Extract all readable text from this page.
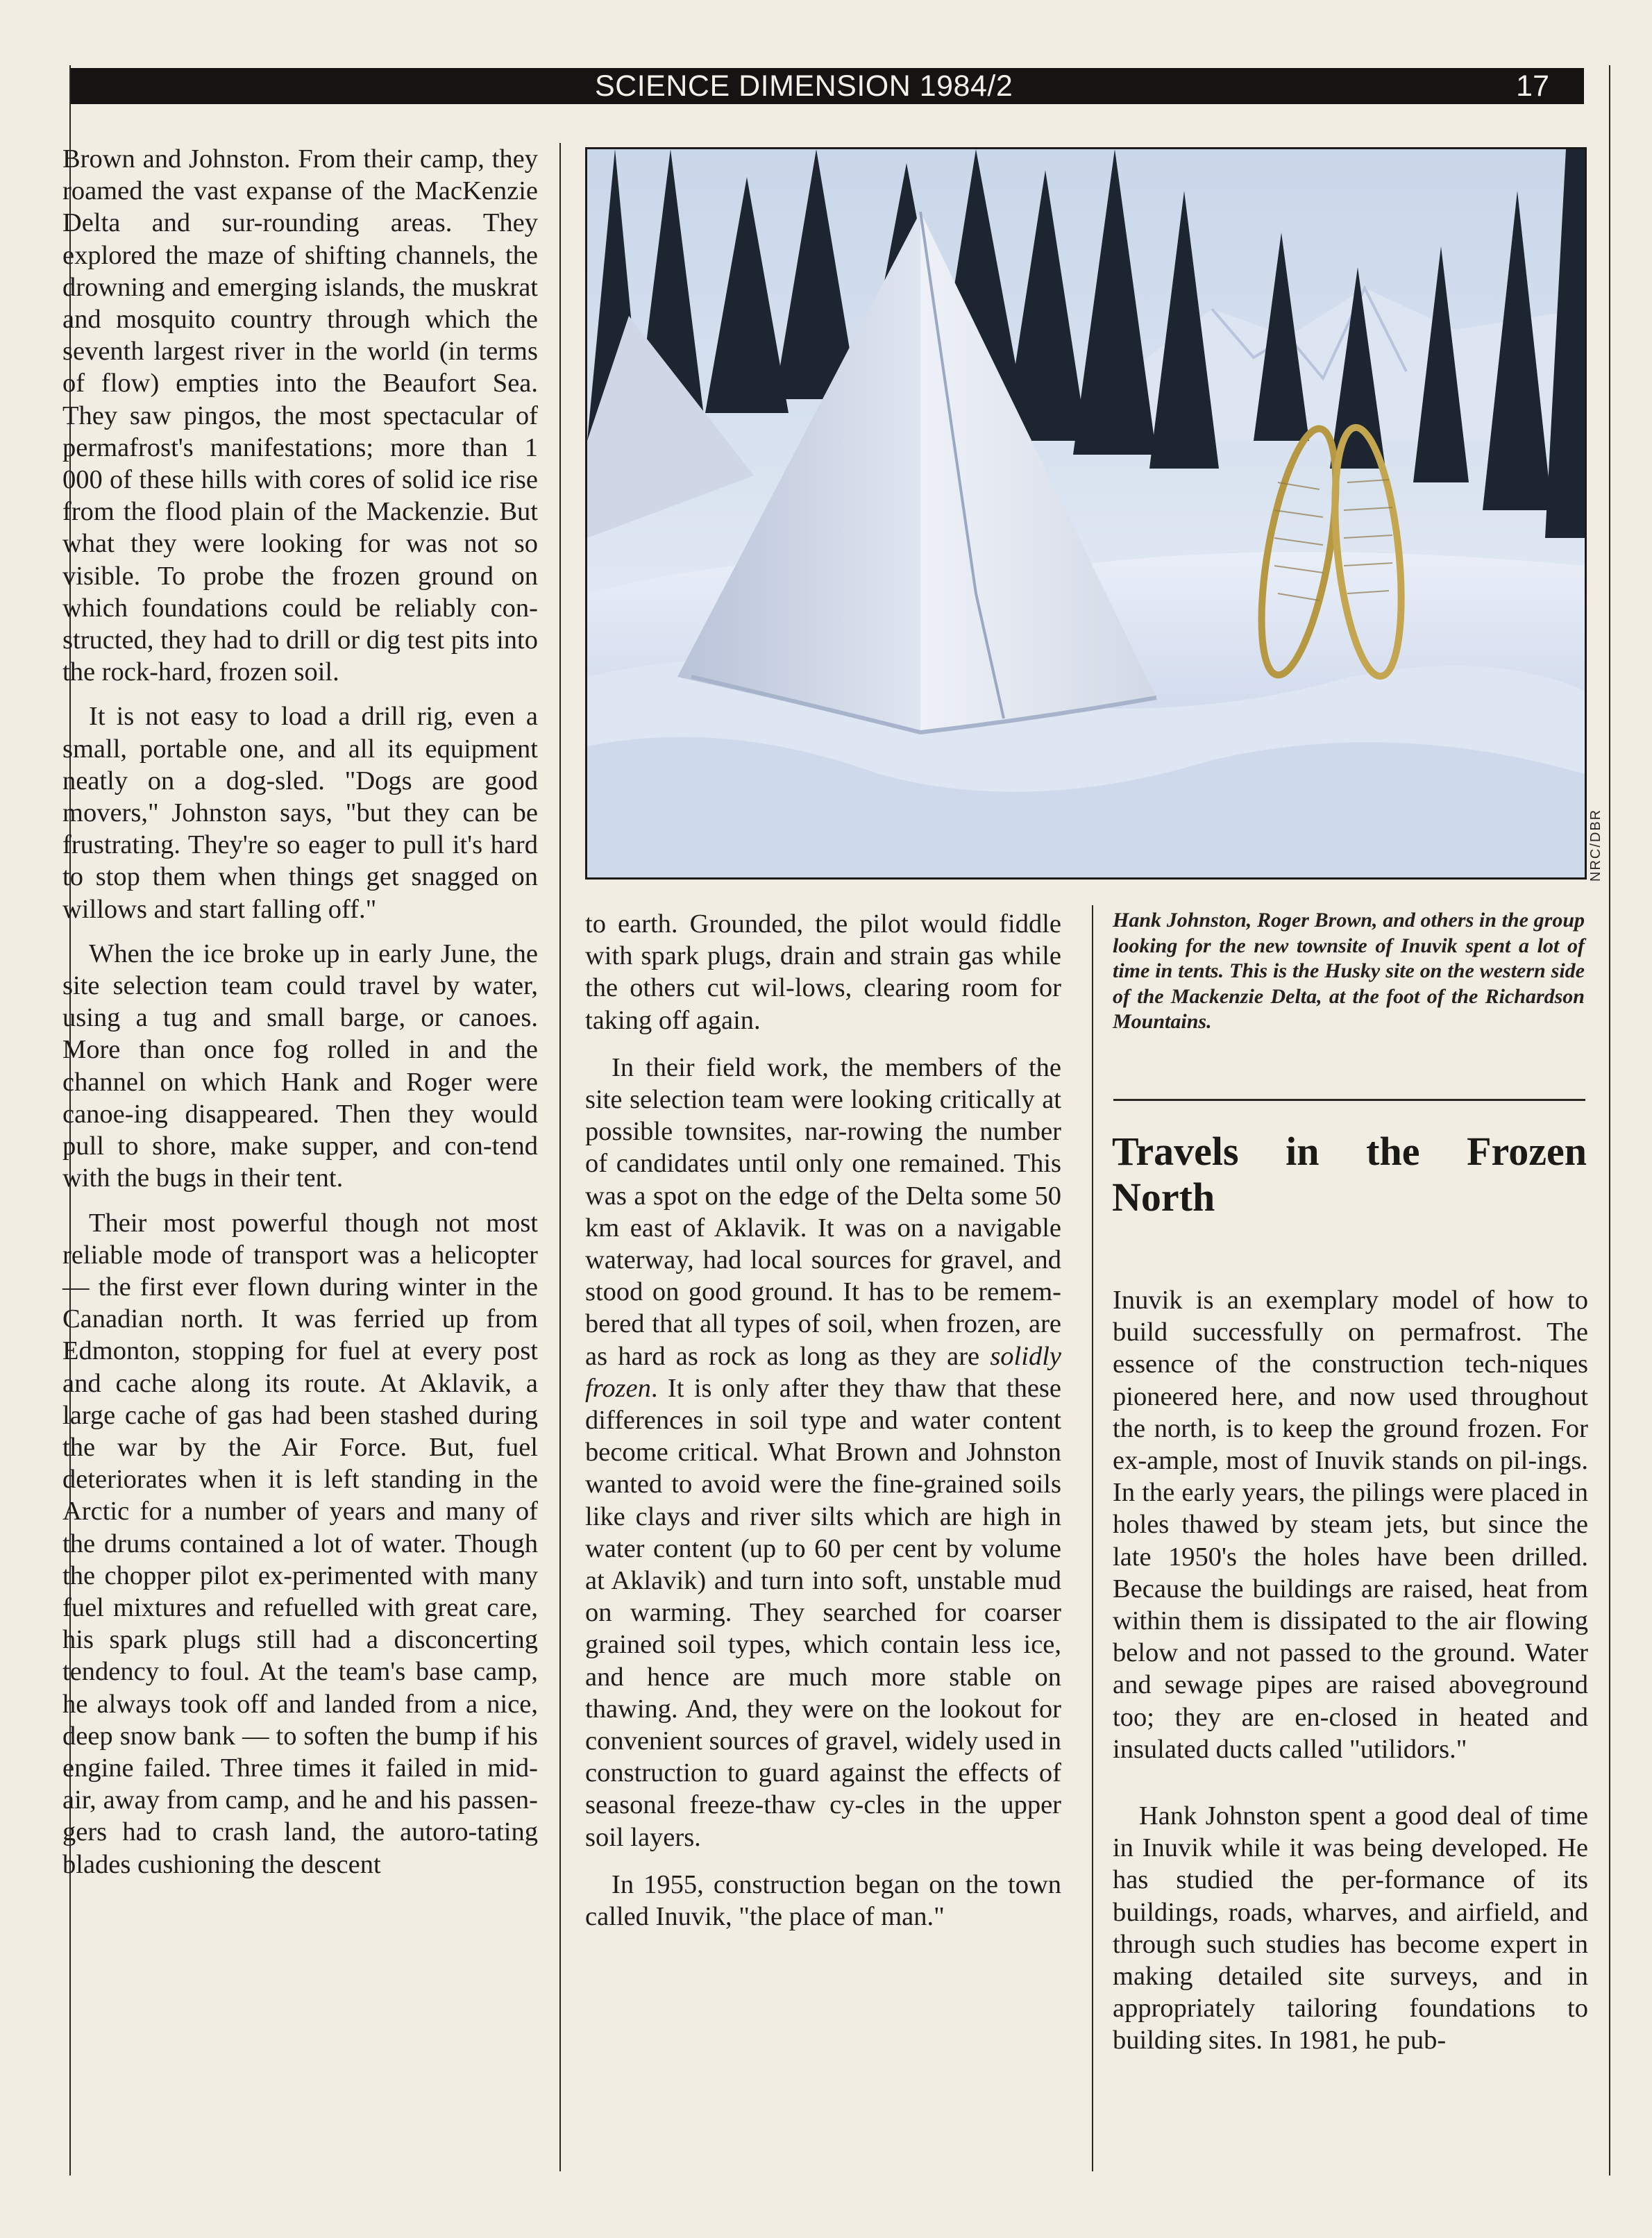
SCIENCE DIMENSION 1984/2	17

Brown and Johnston. From their camp, they roamed the vast expanse of the MacKenzie Delta and sur-rounding areas. They explored the maze of shifting channels, the drowning and emerging islands, the muskrat and mosquito country through which the seventh largest river in the world (in terms of flow) empties into the Beaufort Sea. They saw pingos, the most spectacular of permafrost's manifestations; more than 1 000 of these hills with cores of solid ice rise from the flood plain of the Mackenzie. But what they were looking for was not so visible. To probe the frozen ground on which foundations could be reliably con-structed, they had to drill or dig test pits into the rock-hard, frozen soil.

It is not easy to load a drill rig, even a small, portable one, and all its equipment neatly on a dog-sled. "Dogs are good movers," Johnston says, "but they can be frustrating. They're so eager to pull it's hard to stop them when things get snagged on willows and start falling off."

When the ice broke up in early June, the site selection team could travel by water, using a tug and small barge, or canoes. More than once fog rolled in and the channel on which Hank and Roger were canoe-ing disappeared. Then they would pull to shore, make supper, and con-tend with the bugs in their tent.

Their most powerful though not most reliable mode of transport was a helicopter — the first ever flown during winter in the Canadian north. It was ferried up from Edmonton, stopping for fuel at every post and cache along its route. At Aklavik, a large cache of gas had been stashed during the war by the Air Force. But, fuel deteriorates when it is left standing in the Arctic for a number of years and many of the drums contained a lot of water. Though the chopper pilot ex-perimented with many fuel mixtures and refuelled with great care, his spark plugs still had a disconcerting tendency to foul. At the team's base camp, he always took off and landed from a nice, deep snow bank — to soften the bump if his engine failed. Three times it failed in mid-air, away from camp, and he and his passen-gers had to crash land, the autoro-tating blades cushioning the descent

NRC/DBR

to earth. Grounded, the pilot would fiddle with spark plugs, drain and strain gas while the others cut wil-lows, clearing room for taking off again.

In their field work, the members of the site selection team were looking critically at possible townsites, nar-rowing the number of candidates until only one remained. This was a spot on the edge of the Delta some 50 km east of Aklavik. It was on a navigable waterway, had local sources for gravel, and stood on good ground. It has to be remem-bered that all types of soil, when frozen, are as hard as rock as long as they are solidly frozen. It is only after they thaw that these differences in soil type and water content become critical. What Brown and Johnston wanted to avoid were the fine-grained soils like clays and river silts which are high in water content (up to 60 per cent by volume at Aklavik) and turn into soft, unstable mud on warming. They searched for coarser grained soil types, which contain less ice, and hence are much more stable on thawing. And, they were on the lookout for convenient sources of gravel, widely used in construction to guard against the effects of seasonal freeze-thaw cy-cles in the upper soil layers.

In 1955, construction began on the town called Inuvik, "the place of man."

Hank Johnston, Roger Brown, and others in the group looking for the new townsite of Inuvik spent a lot of time in tents. This is the Husky site on the western side of the Mackenzie Delta, at the foot of the Richardson Mountains.
Travels in the Frozen
North

Inuvik is an exemplary model of how to build successfully on permafrost. The essence of the construction tech-niques pioneered here, and now used throughout the north, is to keep the ground frozen. For ex-ample, most of Inuvik stands on pil-ings. In the early years, the pilings were placed in holes thawed by steam jets, but since the late 1950's the holes have been drilled. Because the buildings are raised, heat from within them is dissipated to the air flowing below and not passed to the ground. Water and sewage pipes are raised aboveground too; they are en-closed in heated and insulated ducts called "utilidors."

Hank Johnston spent a good deal of time in Inuvik while it was being developed. He has studied the per-formance of its buildings, roads, wharves, and airfield, and through such studies has become expert in making detailed site surveys, and in appropriately tailoring foundations to building sites. In 1981, he pub-
